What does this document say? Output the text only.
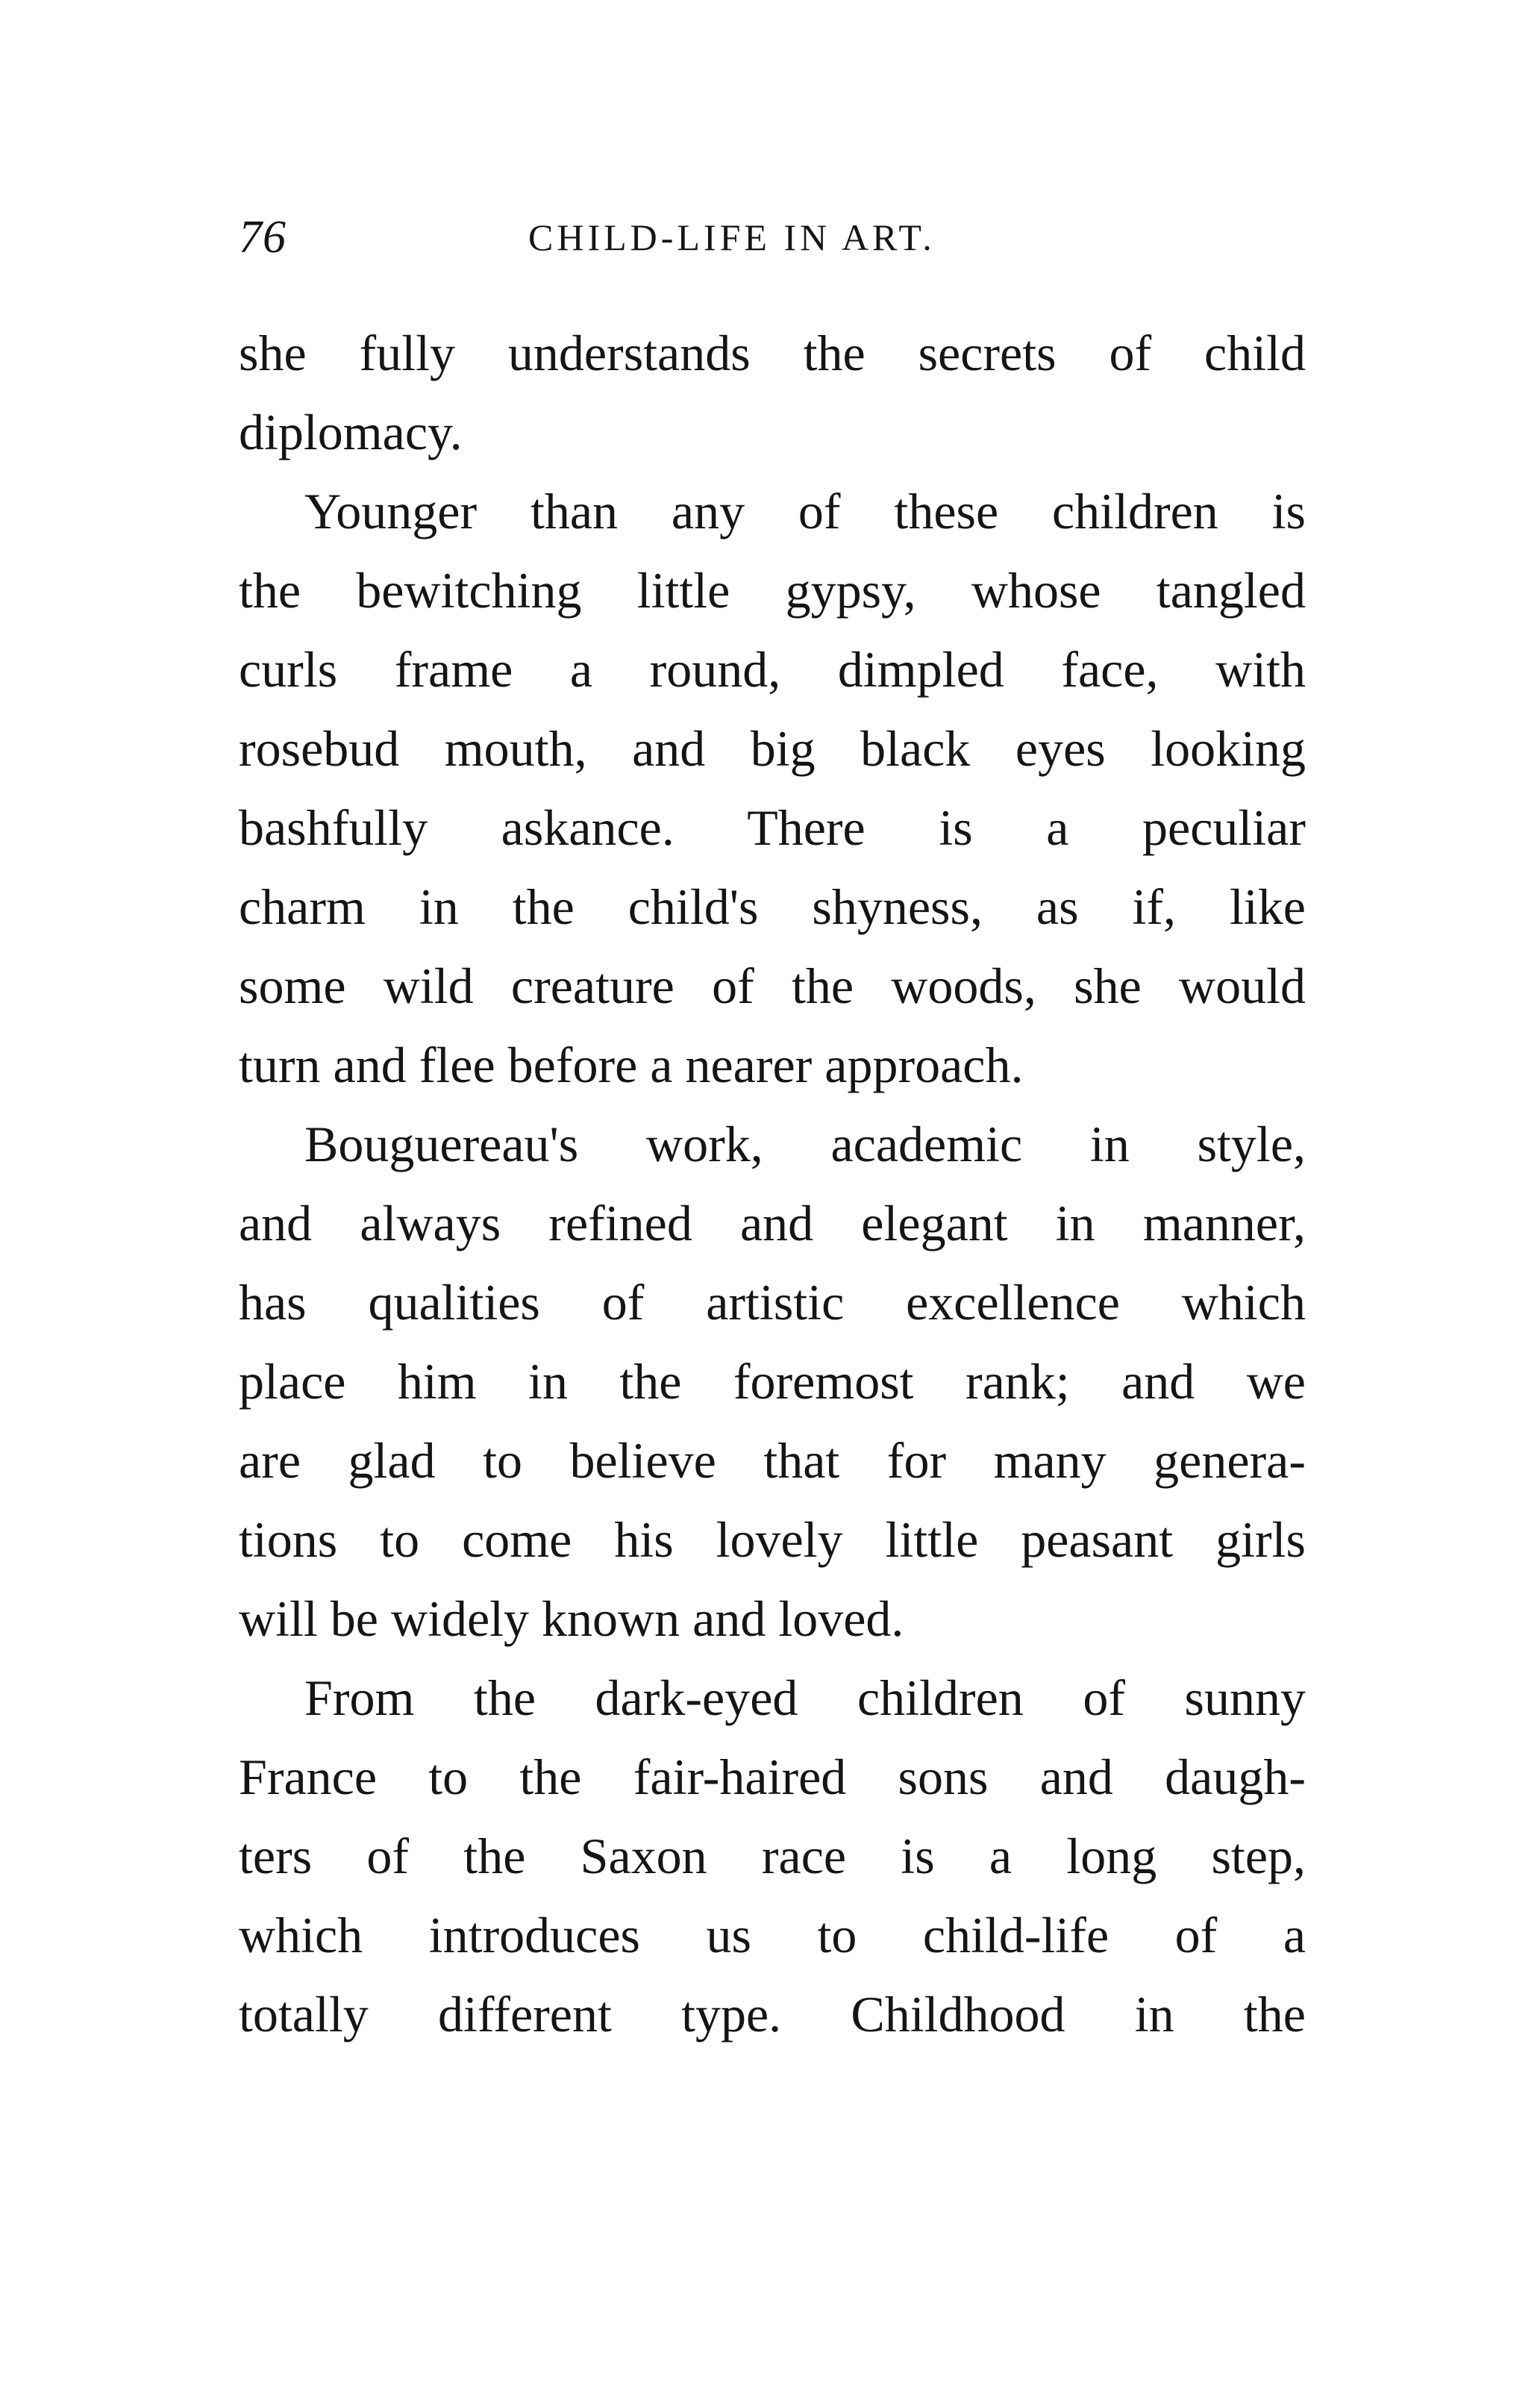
76	CHILD-LIFE IN ART.
she fully understands the secrets of child
diplomacy.
Younger than any of these children is
the bewitching little gypsy, whose tangled
curls frame a round, dimpled face, with
rosebud mouth, and big black eyes looking
bashfully askance. There is a peculiar
charm in the child's shyness, as if, like
some wild creature of the woods, she would
turn and flee before a nearer approach.
Bouguereau's work, academic in style,
and always refined and elegant in manner,
has qualities of artistic excellence which
place him in the foremost rank; and we
are glad to believe that for many genera-
tions to come his lovely little peasant girls
will be widely known and loved.
From the dark-eyed children of sunny
France to the fair-haired sons and daugh-
ters of the Saxon race is a long step,
which introduces us to child-life of a
totally different type. Childhood in the
